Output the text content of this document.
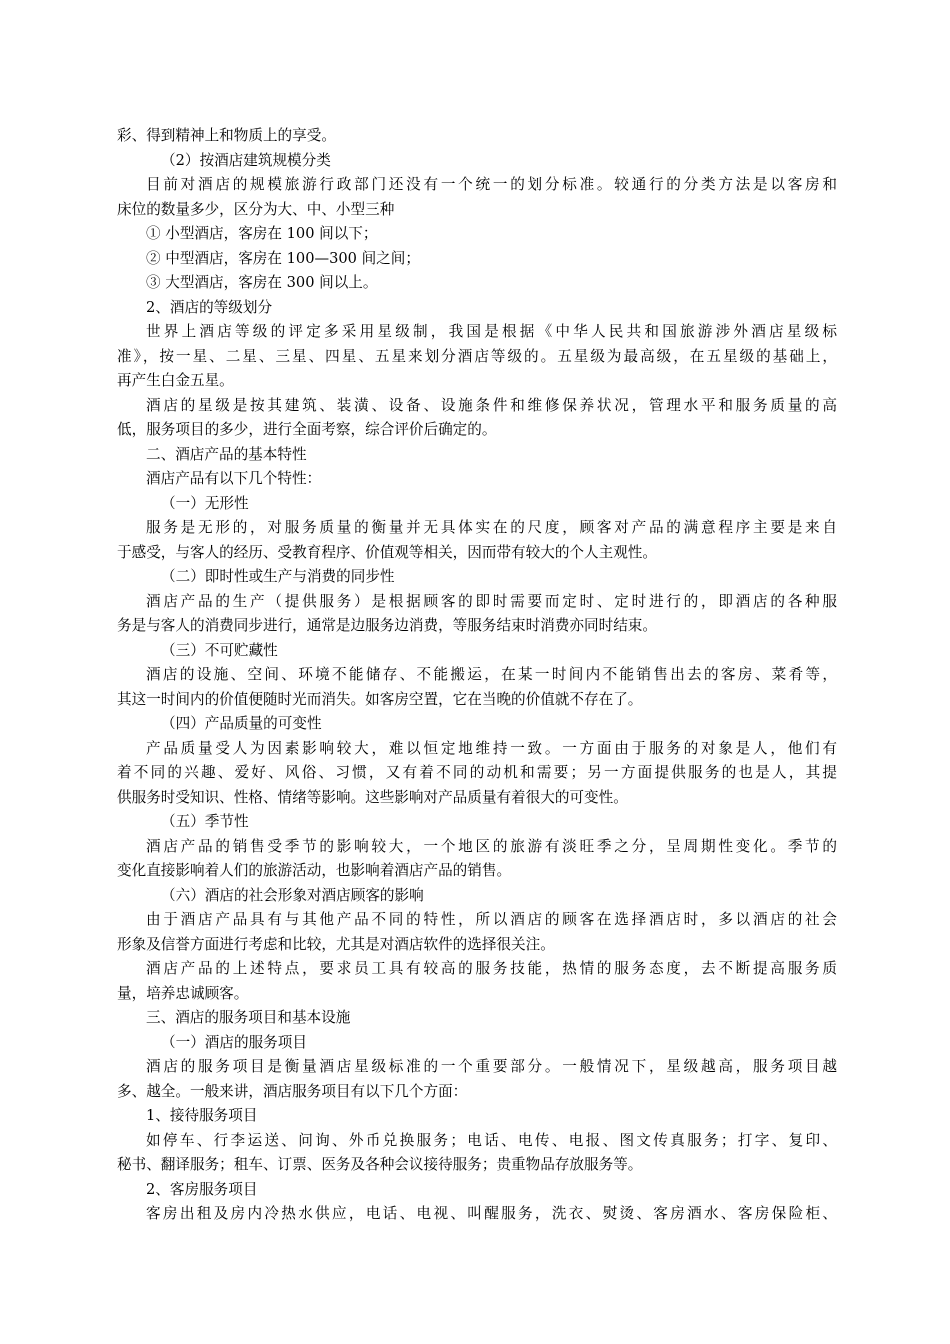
彩、得到精神上和物质上的享受。
（2）按酒店建筑规模分类
目前对酒店的规模旅游行政部门还没有一个统一的划分标准。较通行的分类方法是以客房和
床位的数量多少，区分为大、中、小型三种
① 小型酒店，客房在 100 间以下；
② 中型酒店，客房在 100—300 间之间；
③ 大型酒店，客房在 300 间以上。
2、酒店的等级划分
世界上酒店等级的评定多采用星级制，我国是根据《中华人民共和国旅游涉外酒店星级标
准》，按一星、二星、三星、四星、五星来划分酒店等级的。五星级为最高级，在五星级的基础上，
再产生白金五星。
酒店的星级是按其建筑、装潢、设备、设施条件和维修保养状况，管理水平和服务质量的高
低，服务项目的多少，进行全面考察，综合评价后确定的。
二、酒店产品的基本特性
酒店产品有以下几个特性：
（一）无形性
服务是无形的，对服务质量的衡量并无具体实在的尺度，顾客对产品的满意程序主要是来自
于感受，与客人的经历、受教育程序、价值观等相关，因而带有较大的个人主观性。
（二）即时性或生产与消费的同步性
酒店产品的生产（提供服务）是根据顾客的即时需要而定时、定时进行的，即酒店的各种服
务是与客人的消费同步进行，通常是边服务边消费，等服务结束时消费亦同时结束。
（三）不可贮藏性
酒店的设施、空间、环境不能储存、不能搬运，在某一时间内不能销售出去的客房、菜肴等，
其这一时间内的价值便随时光而消失。如客房空置，它在当晚的价值就不存在了。
（四）产品质量的可变性
产品质量受人为因素影响较大，难以恒定地维持一致。一方面由于服务的对象是人，他们有
着不同的兴趣、爱好、风俗、习惯，又有着不同的动机和需要；另一方面提供服务的也是人，其提
供服务时受知识、性格、情绪等影响。这些影响对产品质量有着很大的可变性。
（五）季节性
酒店产品的销售受季节的影响较大，一个地区的旅游有淡旺季之分，呈周期性变化。季节的
变化直接影响着人们的旅游活动，也影响着酒店产品的销售。
（六）酒店的社会形象对酒店顾客的影响
由于酒店产品具有与其他产品不同的特性，所以酒店的顾客在选择酒店时，多以酒店的社会
形象及信誉方面进行考虑和比较，尤其是对酒店软件的选择很关注。
酒店产品的上述特点，要求员工具有较高的服务技能，热情的服务态度，去不断提高服务质
量，培养忠诚顾客。
三、酒店的服务项目和基本设施
（一）酒店的服务项目
酒店的服务项目是衡量酒店星级标准的一个重要部分。一般情况下，星级越高，服务项目越
多、越全。一般来讲，酒店服务项目有以下几个方面：
1、接待服务项目
如停车、行李运送、问询、外币兑换服务；电话、电传、电报、图文传真服务；打字、复印、
秘书、翻译服务；租车、订票、医务及各种会议接待服务；贵重物品存放服务等。
2、客房服务项目
客房出租及房内冷热水供应，电话、电视、叫醒服务，洗衣、熨烫、客房酒水、客房保险柜、
